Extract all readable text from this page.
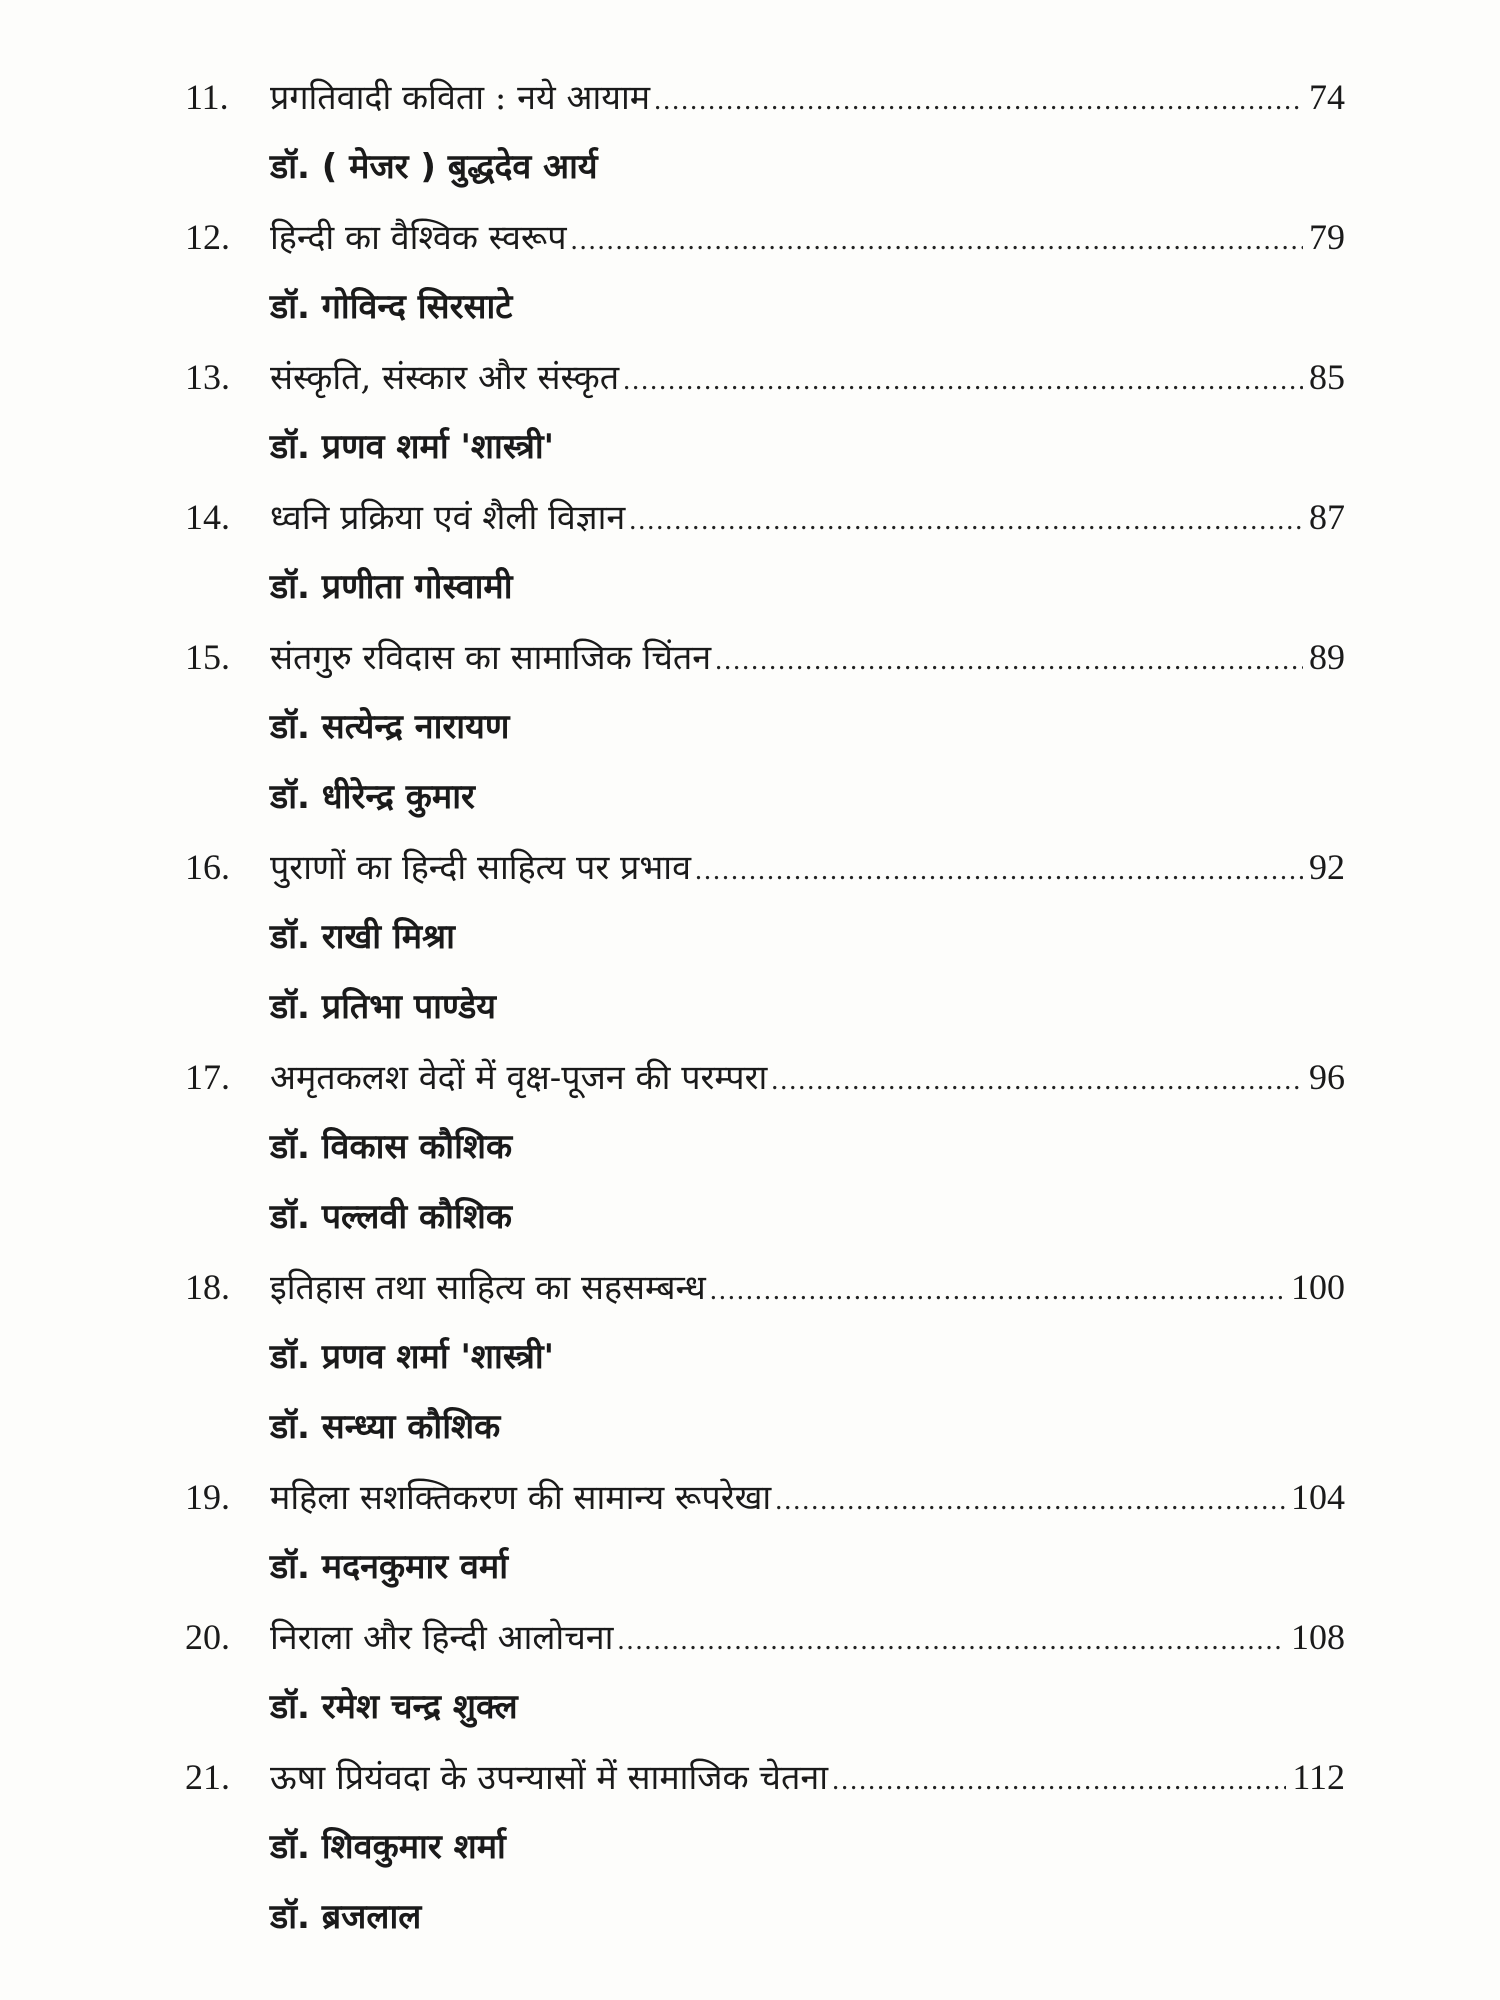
11.	प्रगतिवादी कविता : नये आयाम .....	74
डॉ. ( मेजर ) बुद्धदेव आर्य
12.	हिन्दी का वैश्विक स्वरूप .....	79
डॉ. गोविन्द सिरसाटे
13.	संस्कृति, संस्कार और संस्कृत .....	85
डॉ. प्रणव शर्मा 'शास्त्री'
14.	ध्वनि प्रक्रिया एवं शैली विज्ञान .....	87
डॉ. प्रणीता गोस्वामी
15.	संतगुरु रविदास का सामाजिक चिंतन .....	89
डॉ. सत्येन्द्र नारायण
डॉ. धीरेन्द्र कुमार
16.	पुराणों का हिन्दी साहित्य पर प्रभाव .....	92
डॉ. राखी मिश्रा
डॉ. प्रतिभा पाण्डेय
17.	अमृतकलश वेदों में वृक्ष-पूजन की परम्परा .....	96
डॉ. विकास कौशिक
डॉ. पल्लवी कौशिक
18.	इतिहास तथा साहित्य का सहसम्बन्ध .....	100
डॉ. प्रणव शर्मा 'शास्त्री'
डॉ. सन्ध्या कौशिक
19.	महिला सशक्तिकरण की सामान्य रूपरेखा .....	104
डॉ. मदनकुमार वर्मा
20.	निराला और हिन्दी आलोचना .....	108
डॉ. रमेश चन्द्र शुक्ल
21.	ऊषा प्रियंवदा के उपन्यासों में सामाजिक चेतना .....	112
डॉ. शिवकुमार शर्मा
डॉ. ब्रजलाल
